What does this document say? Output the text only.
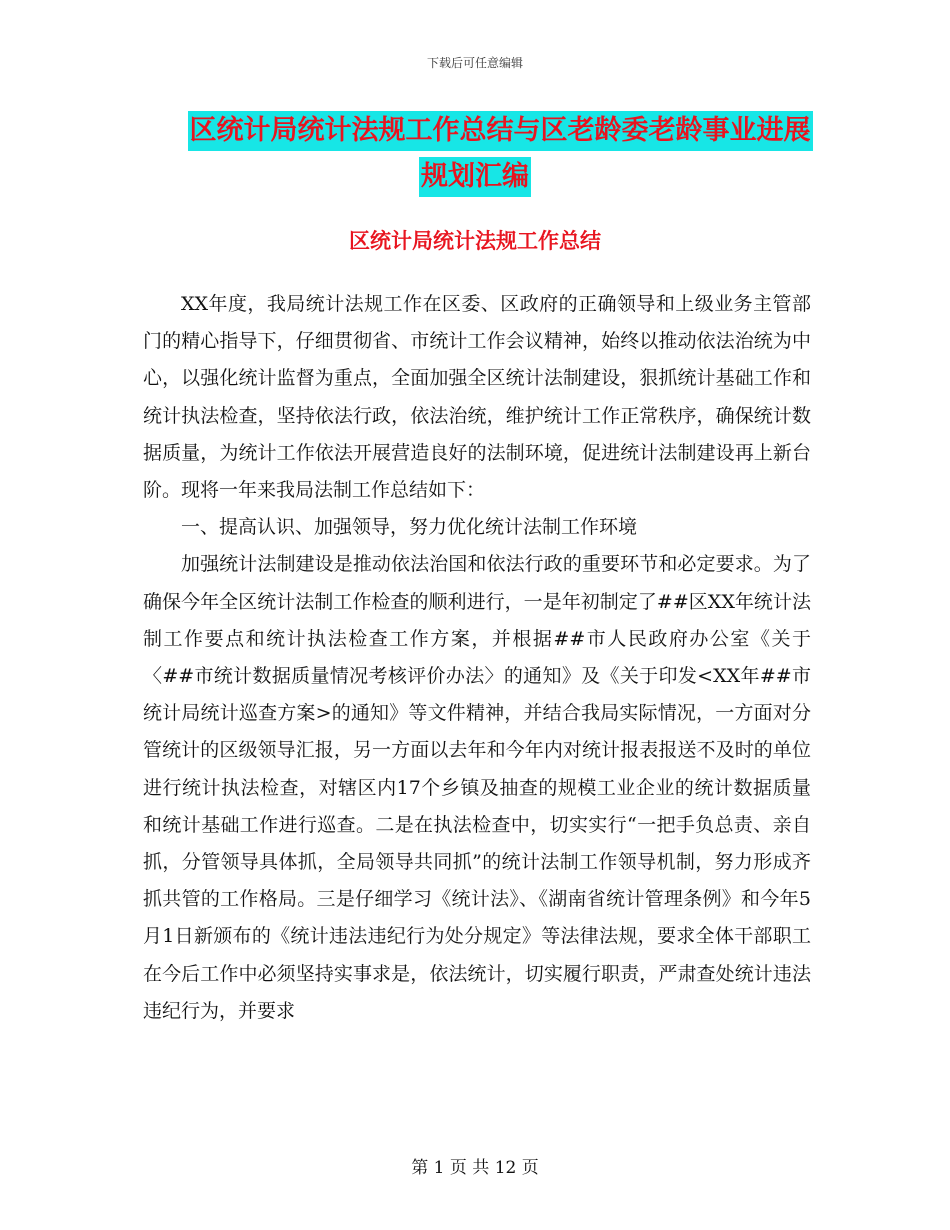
下载后可任意编辑
区统计局统计法规工作总结与区老龄委老龄事业进展
规划汇编
区统计局统计法规工作总结

XX年度，我局统计法规工作在区委、区政府的正确领导和上级业务主管部门的精心指导下，仔细贯彻省、市统计工作会议精神，始终以推动依法治统为中心，以强化统计监督为重点，全面加强全区统计法制建设，狠抓统计基础工作和统计执法检查，坚持依法行政，依法治统，维护统计工作正常秩序，确保统计数据质量，为统计工作依法开展营造良好的法制环境，促进统计法制建设再上新台阶。现将一年来我局法制工作总结如下：

一、提高认识、加强领导，努力优化统计法制工作环境

加强统计法制建设是推动依法治国和依法行政的重要环节和必定要求。为了确保今年全区统计法制工作检查的顺利进行，一是年初制定了##区XX年统计法制工作要点和统计执法检查工作方案，并根据##市人民政府办公室《关于〈##市统计数据质量情况考核评价办法〉的通知》及《关于印发<XX年##市统计局统计巡查方案>的通知》等文件精神，并结合我局实际情况，一方面对分管统计的区级领导汇报，另一方面以去年和今年内对统计报表报送不及时的单位进行统计执法检查，对辖区内17个乡镇及抽查的规模工业企业的统计数据质量和统计基础工作进行巡查。二是在执法检查中，切实实行“一把手负总责、亲自抓，分管领导具体抓，全局领导共同抓”的统计法制工作领导机制，努力形成齐抓共管的工作格局。三是仔细学习《统计法》、《湖南省统计管理条例》和今年5月1日新颁布的《统计违法违纪行为处分规定》等法律法规，要求全体干部职工在今后工作中必须坚持实事求是，依法统计，切实履行职责，严肃查处统计违法违纪行为，并要求

第 1 页 共 12 页
